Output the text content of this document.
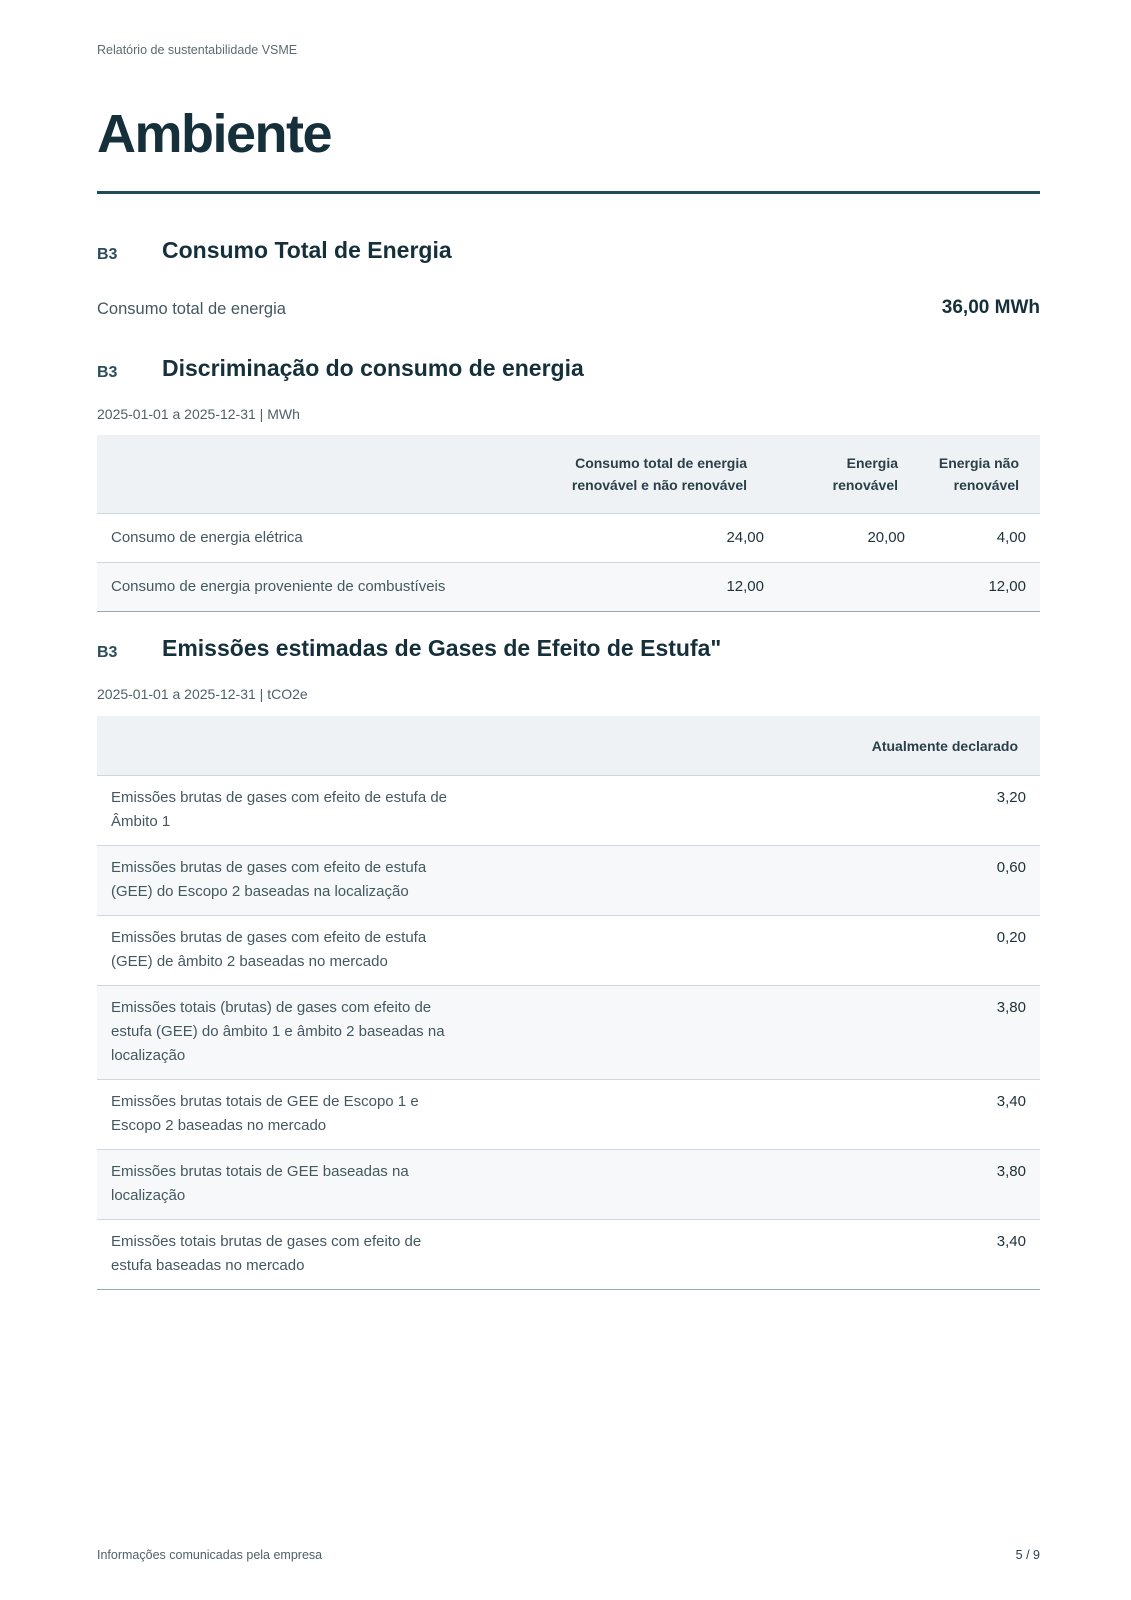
Relatório de sustentabilidade VSME
Ambiente
B3 Consumo Total de Energia
Consumo total de energia	36,00 MWh
B3 Discriminação do consumo de energia
2025-01-01 a 2025-12-31 | MWh
	Consumo total de energia renovável e não renovável	Energia renovável	Energia não renovável

Consumo de energia elétrica	24,00	20,00	4,00
Consumo de energia proveniente de combustíveis	12,00		12,00
B3 Emissões estimadas de Gases de Efeito de Estufa"
2025-01-01 a 2025-12-31 | tCO2e
	Atualmente declarado
Emissões brutas de gases com efeito de estufa de Âmbito 1	3,20
Emissões brutas de gases com efeito de estufa (GEE) do Escopo 2 baseadas na localização	0,60
Emissões brutas de gases com efeito de estufa (GEE) de âmbito 2 baseadas no mercado	0,20
Emissões totais (brutas) de gases com efeito de estufa (GEE) do âmbito 1 e âmbito 2 baseadas na localização	3,80
Emissões brutas totais de GEE de Escopo 1 e Escopo 2 baseadas no mercado	3,40
Emissões brutas totais de GEE baseadas na localização	3,80
Emissões totais brutas de gases com efeito de estufa baseadas no mercado	3,40
Informações comunicadas pela empresa	5 / 9
